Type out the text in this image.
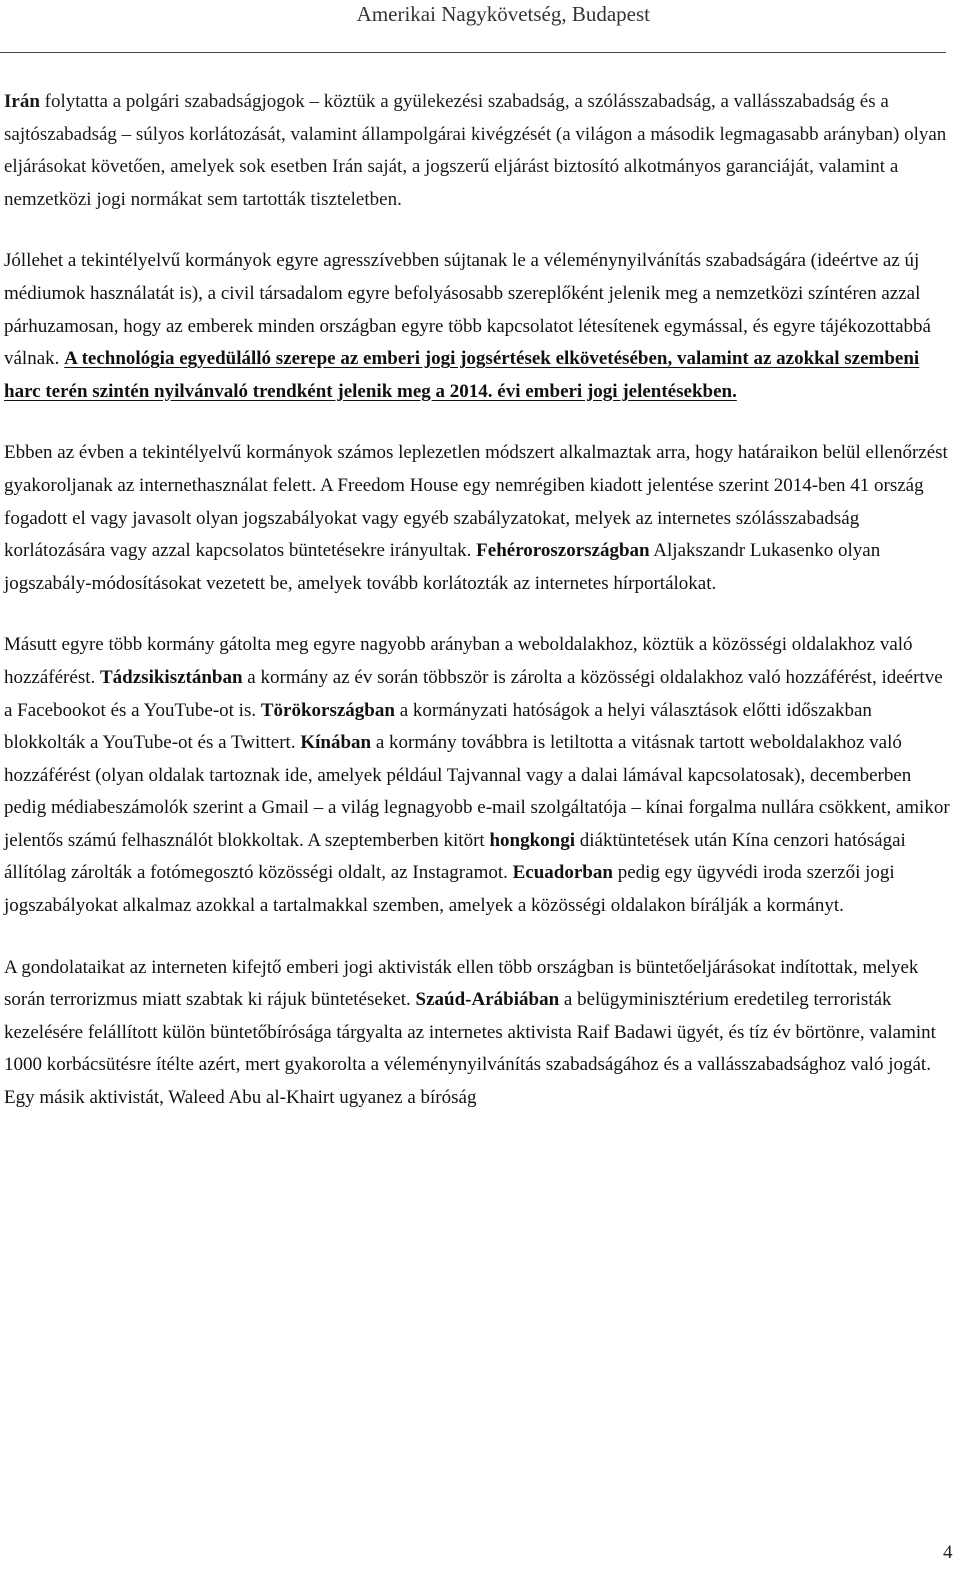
Amerikai Nagykövetség, Budapest

Irán folytatta a polgári szabadságjogok – köztük a gyülekezési szabadság, a szólásszabadság, a vallásszabadság és a sajtószabadság – súlyos korlátozását, valamint állampolgárai kivégzését (a világon a második legmagasabb arányban) olyan eljárásokat követően, amelyek sok esetben Irán saját, a jogszerű eljárást biztosító alkotmányos garanciáját, valamint a nemzetközi jogi normákat sem tartották tiszteletben.

Jóllehet a tekintélyelvű kormányok egyre agresszívebben sújtanak le a véleménynyilvánítás szabadságára (ideértve az új médiumok használatát is), a civil társadalom egyre befolyásosabb szereplőként jelenik meg a nemzetközi színtéren azzal párhuzamosan, hogy az emberek minden országban egyre több kapcsolatot létesítenek egymással, és egyre tájékozottabbá válnak. A technológia egyedülálló szerepe az emberi jogi jogsértések elkövetésében, valamint az azokkal szembeni harc terén szintén nyilvánvaló trendként jelenik meg a 2014. évi emberi jogi jelentésekben.

Ebben az évben a tekintélyelvű kormányok számos leplezetlen módszert alkalmaztak arra, hogy határaikon belül ellenőrzést gyakoroljanak az internethasználat felett. A Freedom House egy nemrégiben kiadott jelentése szerint 2014-ben 41 ország fogadott el vagy javasolt olyan jogszabályokat vagy egyéb szabályzatokat, melyek az internetes szólásszabadság korlátozására vagy azzal kapcsolatos büntetésekre irányultak. Fehéroroszországban Aljakszandr Lukasenko olyan jogszabály-módosításokat vezetett be, amelyek tovább korlátozták az internetes hírportálokat.

Másutt egyre több kormány gátolta meg egyre nagyobb arányban a weboldalakhoz, köztük a közösségi oldalakhoz való hozzáférést. Tádzsikisztánban a kormány az év során többször is zárolta a közösségi oldalakhoz való hozzáférést, ideértve a Facebookot és a YouTube-ot is. Törökországban a kormányzati hatóságok a helyi választások előtti időszakban blokkolták a YouTube-ot és a Twittert. Kínában a kormány továbbra is letiltotta a vitásnak tartott weboldalakhoz való hozzáférést (olyan oldalak tartoznak ide, amelyek például Tajvannal vagy a dalai lámával kapcsolatosak), decemberben pedig médiabeszámolók szerint a Gmail – a világ legnagyobb e-mail szolgáltatója – kínai forgalma nullára csökkent, amikor jelentős számú felhasználót blokkoltak. A szeptemberben kitört hongkongi diáktüntetések után Kína cenzori hatóságai állítólag zárolták a fotómegosztó közösségi oldalt, az Instagramot. Ecuadorban pedig egy ügyvédi iroda szerzői jogi jogszabályokat alkalmaz azokkal a tartalmakkal szemben, amelyek a közösségi oldalakon bírálják a kormányt.

A gondolataikat az interneten kifejtő emberi jogi aktivisták ellen több országban is büntetőeljárásokat indítottak, melyek során terrorizmus miatt szabtak ki rájuk büntetéseket. Szaúd-Arábiában a belügyminisztérium eredetileg terroristák kezelésére felállított külön büntetőbírósága tárgyalta az internetes aktivista Raif Badawi ügyét, és tíz év börtönre, valamint 1000 korbácsütésre ítélte azért, mert gyakorolta a véleménynyilvánítás szabadságához és a vallásszabadsághoz való jogát. Egy másik aktivistát, Waleed Abu al-Khairt ugyanez a bíróság

4
